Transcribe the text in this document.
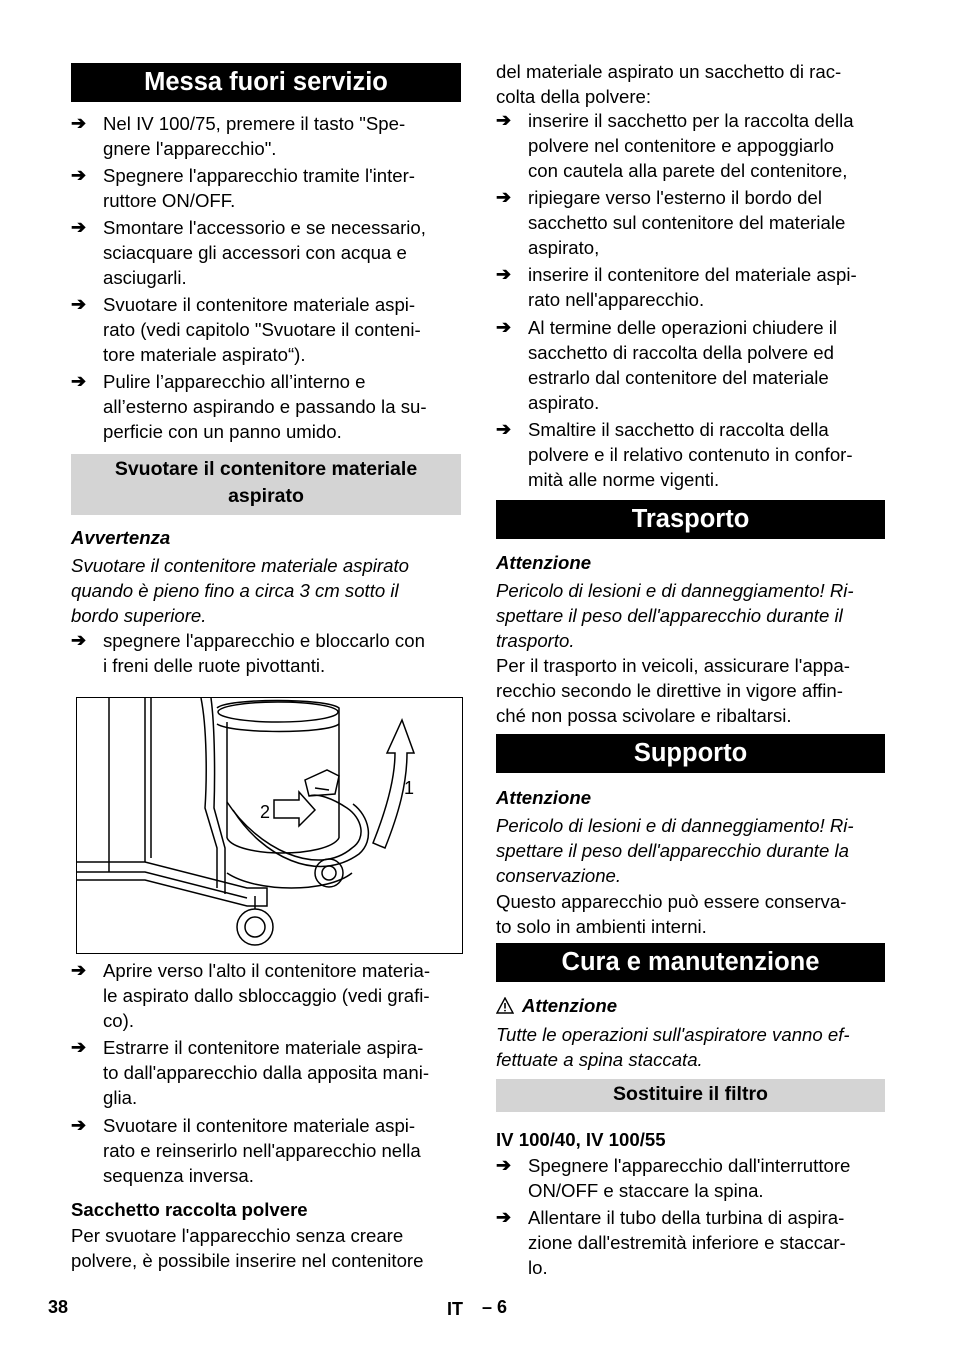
Messa fuori servizio
➔ Nel IV 100/75, premere il tasto "Spe-
gnere l'apparecchio".
➔ Spegnere l'apparecchio tramite l'inter-
ruttore ON/OFF.
➔ Smontare l'accessorio e se necessario,
sciacquare gli accessori con acqua e
asciugarli.
➔ Svuotare il contenitore materiale aspi-
rato (vedi capitolo "Svuotare il conteni-
tore materiale aspirato“).
➔ Pulire l’apparecchio all’interno e
all’esterno aspirando e passando la su-
perficie con un panno umido.
Svuotare il contenitore materiale
aspirato
Avvertenza
Svuotare il contenitore materiale aspirato
quando è pieno fino a circa 3 cm sotto il
bordo superiore.
➔ spegnere l'apparecchio e bloccarlo con
i freni delle ruote pivottanti.
➔ Aprire verso l'alto il contenitore materia-
le aspirato dallo sbloccaggio (vedi grafi-
co).
➔ Estrarre il contenitore materiale aspira-
to dall'apparecchio dalla apposita mani-
glia.
➔ Svuotare il contenitore materiale aspi-
rato e reinserirlo nell'apparecchio nella
sequenza inversa.
Sacchetto raccolta polvere
Per svuotare l'apparecchio senza creare
polvere, è possibile inserire nel contenitore
1
2
del materiale aspirato un sacchetto di rac-
colta della polvere:
➔ inserire il sacchetto per la raccolta della
polvere nel contenitore e appoggiarlo
con cautela alla parete del contenitore,
➔ ripiegare verso l'esterno il bordo del
sacchetto sul contenitore del materiale
aspirato,
➔ inserire il contenitore del materiale aspi-
rato nell'apparecchio.
➔ Al termine delle operazioni chiudere il
sacchetto di raccolta della polvere ed
estrarlo dal contenitore del materiale
aspirato.
➔ Smaltire il sacchetto di raccolta della
polvere e il relativo contenuto in confor-
mità alle norme vigenti.
Trasporto
Attenzione
Pericolo di lesioni e di danneggiamento! Ri-
spettare il peso dell'apparecchio durante il
trasporto.
Per il trasporto in veicoli, assicurare l'appa-
recchio secondo le direttive in vigore affin-
ché non possa scivolare e ribaltarsi.
Supporto
Attenzione
Pericolo di lesioni e di danneggiamento! Ri-
spettare il peso dell'apparecchio durante la
conservazione.
Questo apparecchio può essere conserva-
to solo in ambienti interni.
Cura e manutenzione
Attenzione
Tutte le operazioni sull'aspiratore vanno ef-
fettuate a spina staccata.
Sostituire il filtro
IV 100/40, IV 100/55
➔ Spegnere l'apparecchio dall'interruttore
ON/OFF e staccare la spina.
➔ Allentare il tubo della turbina di aspira-
zione dall'estremità inferiore e staccar-
lo.
38	IT – 6
